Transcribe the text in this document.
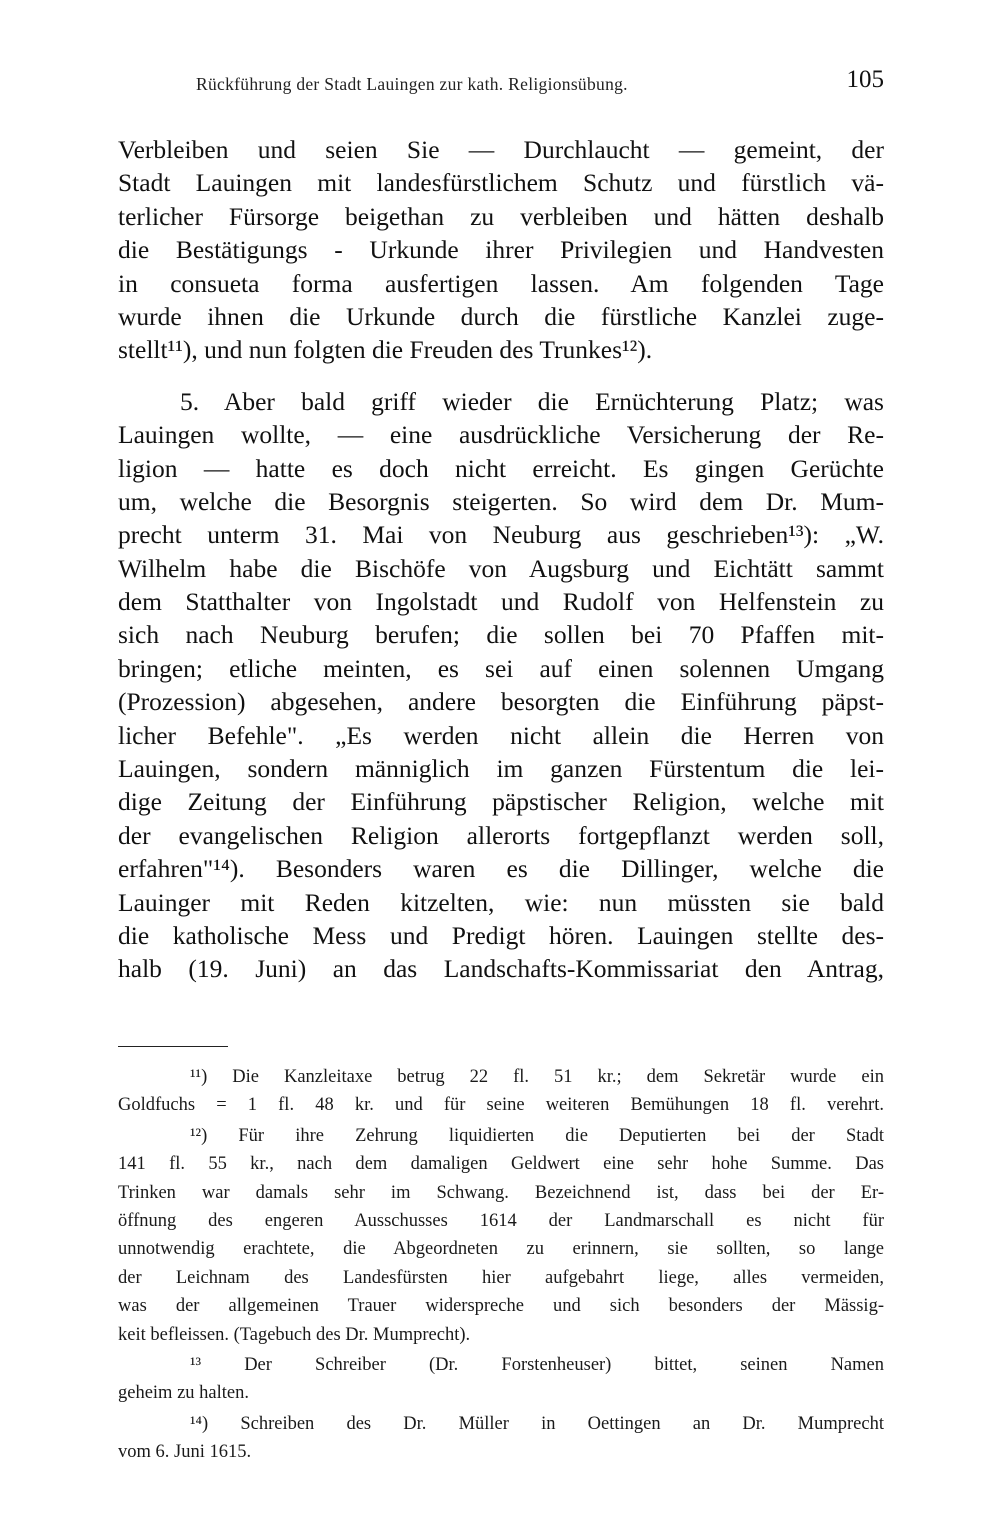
Rückführung der Stadt Lauingen zur kath. Religionsübung.	105
Verbleiben und seien Sie — Durchlaucht — gemeint, der
Stadt Lauingen mit landesfürstlichem Schutz und fürstlich vä-
terlicher Fürsorge beigethan zu verbleiben und hätten deshalb
die Bestätigungs - Urkunde ihrer Privilegien und Handvesten
in consueta forma ausfertigen lassen. Am folgenden Tage
wurde ihnen die Urkunde durch die fürstliche Kanzlei zuge-
stellt¹¹), und nun folgten die Freuden des Trunkes¹²).
5. Aber bald griff wieder die Ernüchterung Platz; was
Lauingen wollte, — eine ausdrückliche Versicherung der Re-
ligion — hatte es doch nicht erreicht. Es gingen Gerüchte
um, welche die Besorgnis steigerten. So wird dem Dr. Mum-
precht unterm 31. Mai von Neuburg aus geschrieben¹³): „W.
Wilhelm habe die Bischöfe von Augsburg und Eichtätt sammt
dem Statthalter von Ingolstadt und Rudolf von Helfenstein zu
sich nach Neuburg berufen; die sollen bei 70 Pfaffen mit-
bringen; etliche meinten, es sei auf einen solennen Umgang
(Prozession) abgesehen, andere besorgten die Einführung päpst-
licher Befehle". „Es werden nicht allein die Herren von
Lauingen, sondern männiglich im ganzen Fürstentum die lei-
dige Zeitung der Einführung päpstischer Religion, welche mit
der evangelischen Religion allerorts fortgepflanzt werden soll,
erfahren"¹⁴). Besonders waren es die Dillinger, welche die
Lauinger mit Reden kitzelten, wie: nun müssten sie bald
die katholische Mess und Predigt hören. Lauingen stellte des-
halb (19. Juni) an das Landschafts-Kommissariat den Antrag,
¹¹) Die Kanzleitaxe betrug 22 fl. 51 kr.; dem Sekretär wurde ein
Goldfuchs = 1 fl. 48 kr. und für seine weiteren Bemühungen 18 fl. verehrt.
¹²) Für ihre Zehrung liquidierten die Deputierten bei der Stadt
141 fl. 55 kr., nach dem damaligen Geldwert eine sehr hohe Summe. Das
Trinken war damals sehr im Schwang. Bezeichnend ist, dass bei der Er-
öffnung des engeren Ausschusses 1614 der Landmarschall es nicht für
unnotwendig erachtete, die Abgeordneten zu erinnern, sie sollten, so lange
der Leichnam des Landesfürsten hier aufgebahrt liege, alles vermeiden,
was der allgemeinen Trauer widerspreche und sich besonders der Mässig-
keit befleissen. (Tagebuch des Dr. Mumprecht).
¹³ Der Schreiber (Dr. Forstenheuser) bittet, seinen Namen
geheim zu halten.
¹⁴) Schreiben des Dr. Müller in Oettingen an Dr. Mumprecht
vom 6. Juni 1615.
